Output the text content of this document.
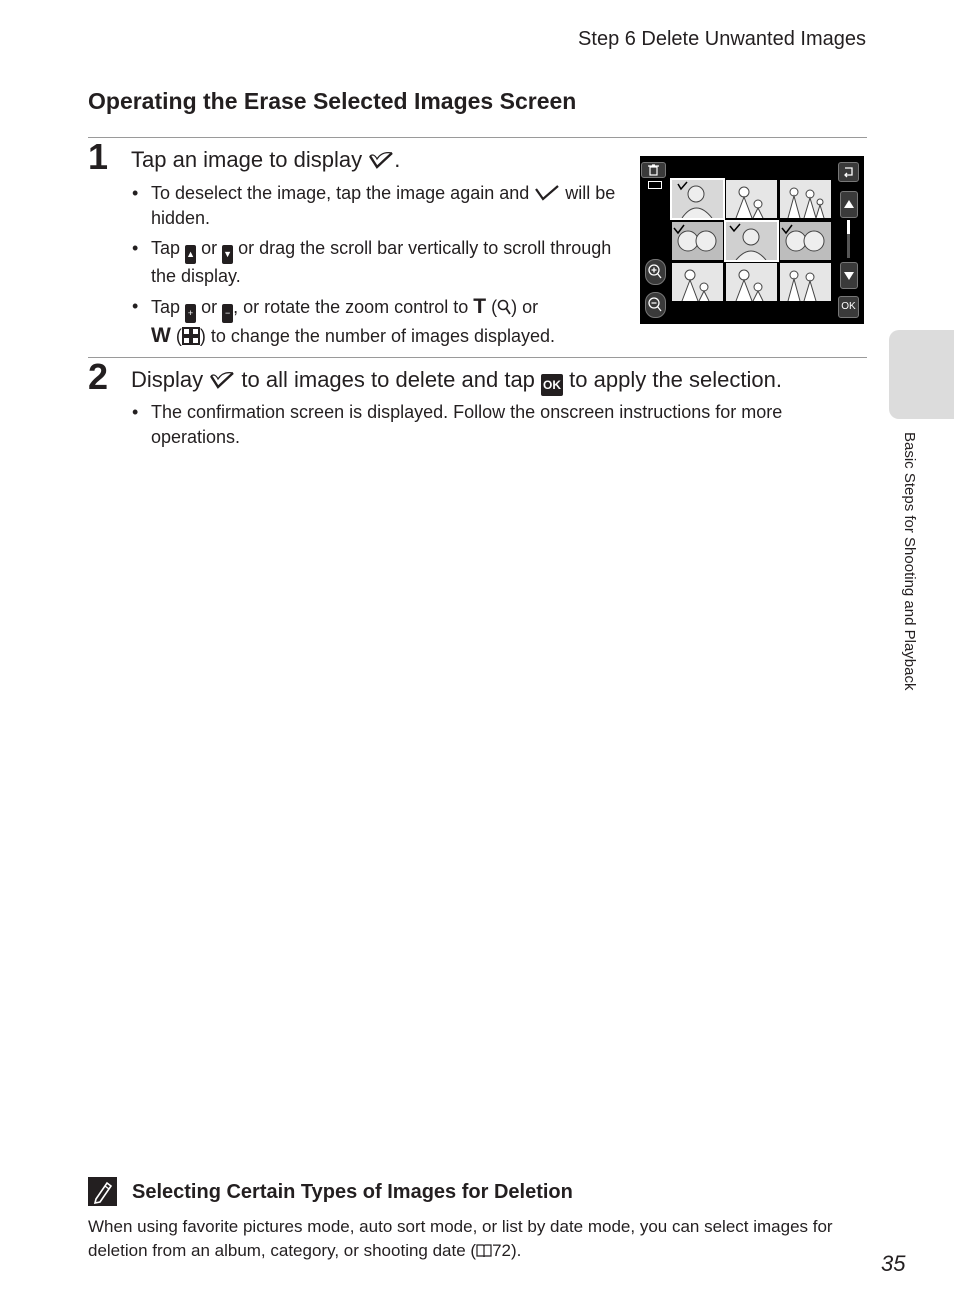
Step 6 Delete Unwanted Images
Operating the Erase Selected Images Screen
1 Tap an image to display .
• To deselect the image, tap the image again and will be hidden.
• Tap ▲ or ▼ or drag the scroll bar vertically to scroll through the display.
• Tap + or − , or rotate the zoom control to T ( ) or
W ( ) to change the number of images displayed.
OK
2 Display to all images to delete and tap OK to apply the selection.
• The confirmation screen is displayed. Follow the onscreen instructions for more operations.	Basic Steps for Shooting and Playback
Selecting Certain Types of Images for Deletion
When using favorite pictures mode, auto sort mode, or list by date mode, you can select images for deletion from an album, category, or shooting date ( 72).
35
